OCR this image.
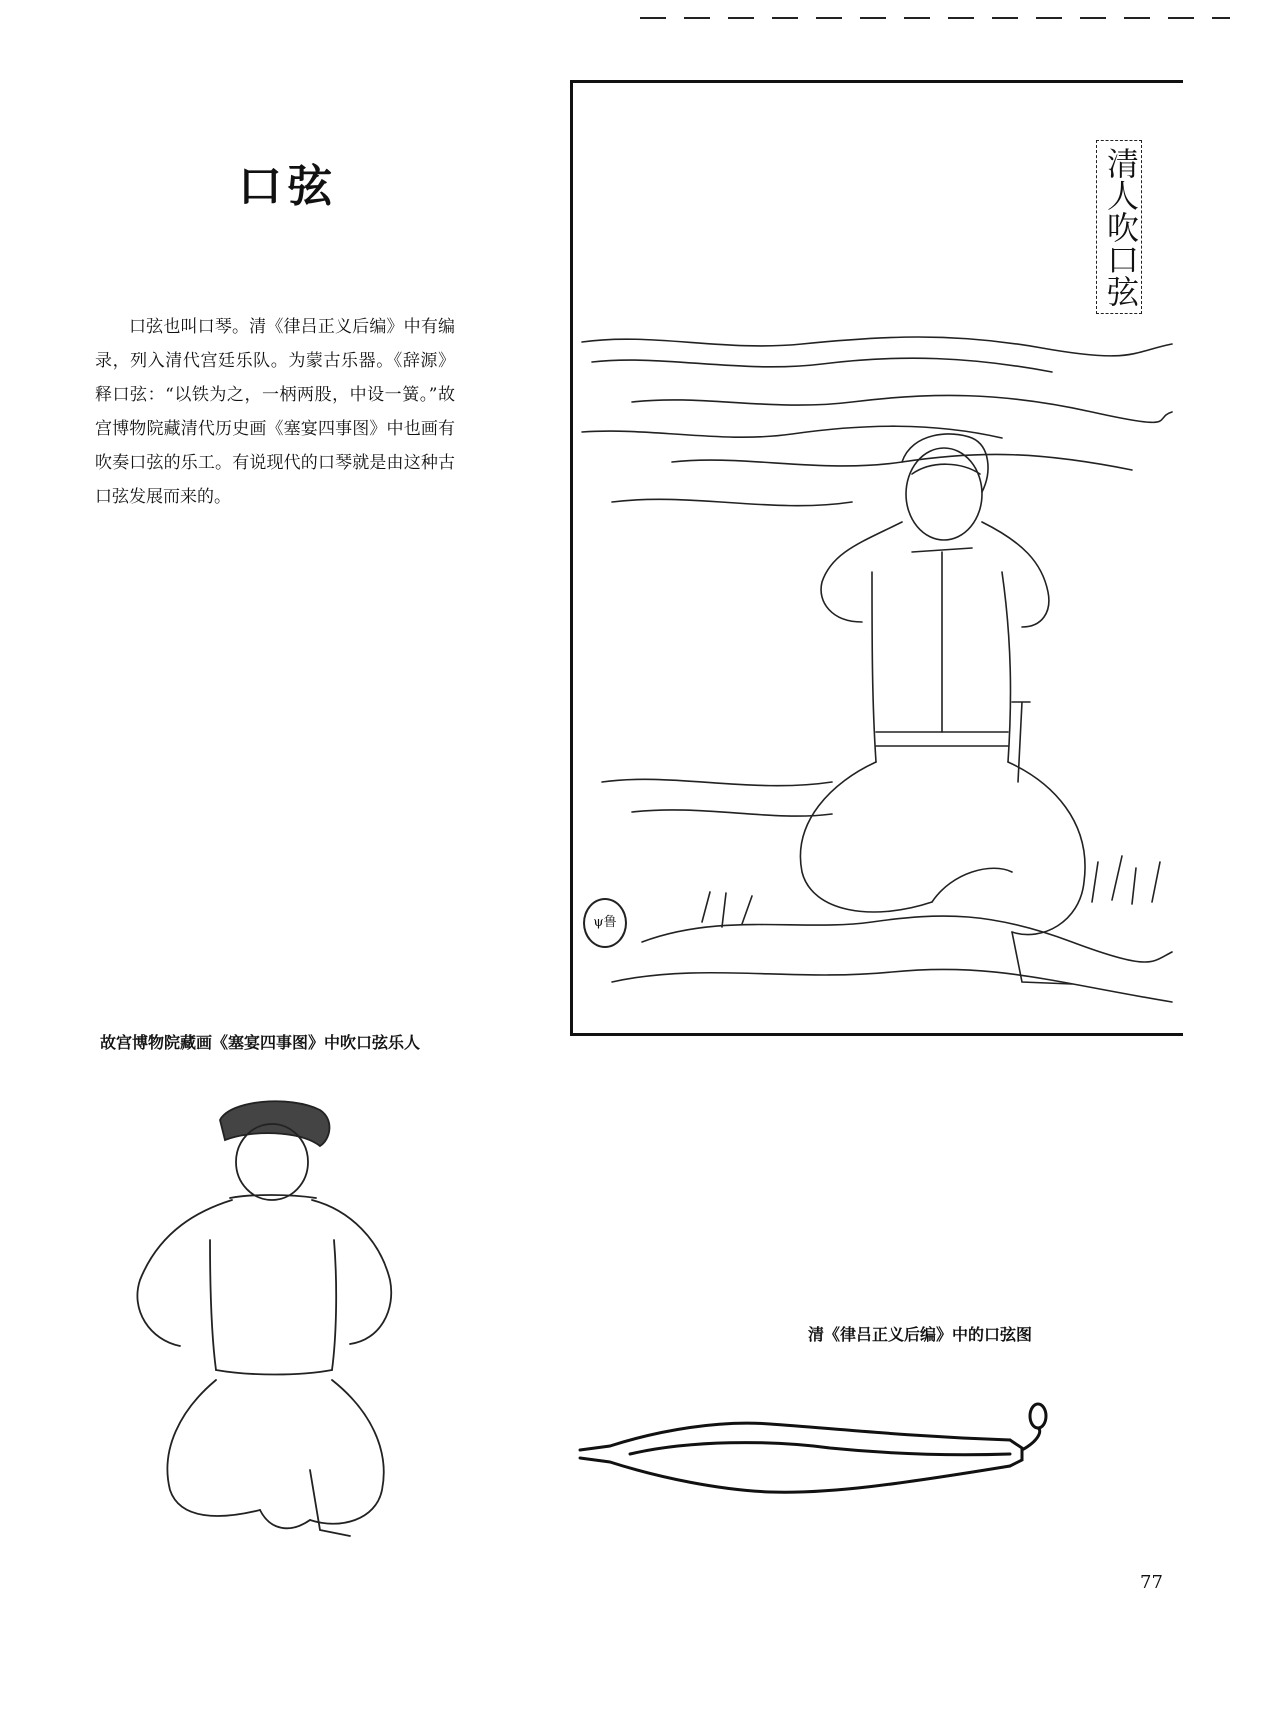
口弦
口弦也叫口琴。清《律吕正义后编》中有编录，列入清代宫廷乐队。为蒙古乐器。《辞源》释口弦：“以铁为之，一柄两股，中设一簧。”故宫博物院藏清代历史画《塞宴四事图》中也画有吹奏口弦的乐工。有说现代的口琴就是由这种古口弦发展而来的。
清人吹口弦
ψ鲁
故宫博物院藏画《塞宴四事图》中吹口弦乐人
清《律吕正义后编》中的口弦图
77
